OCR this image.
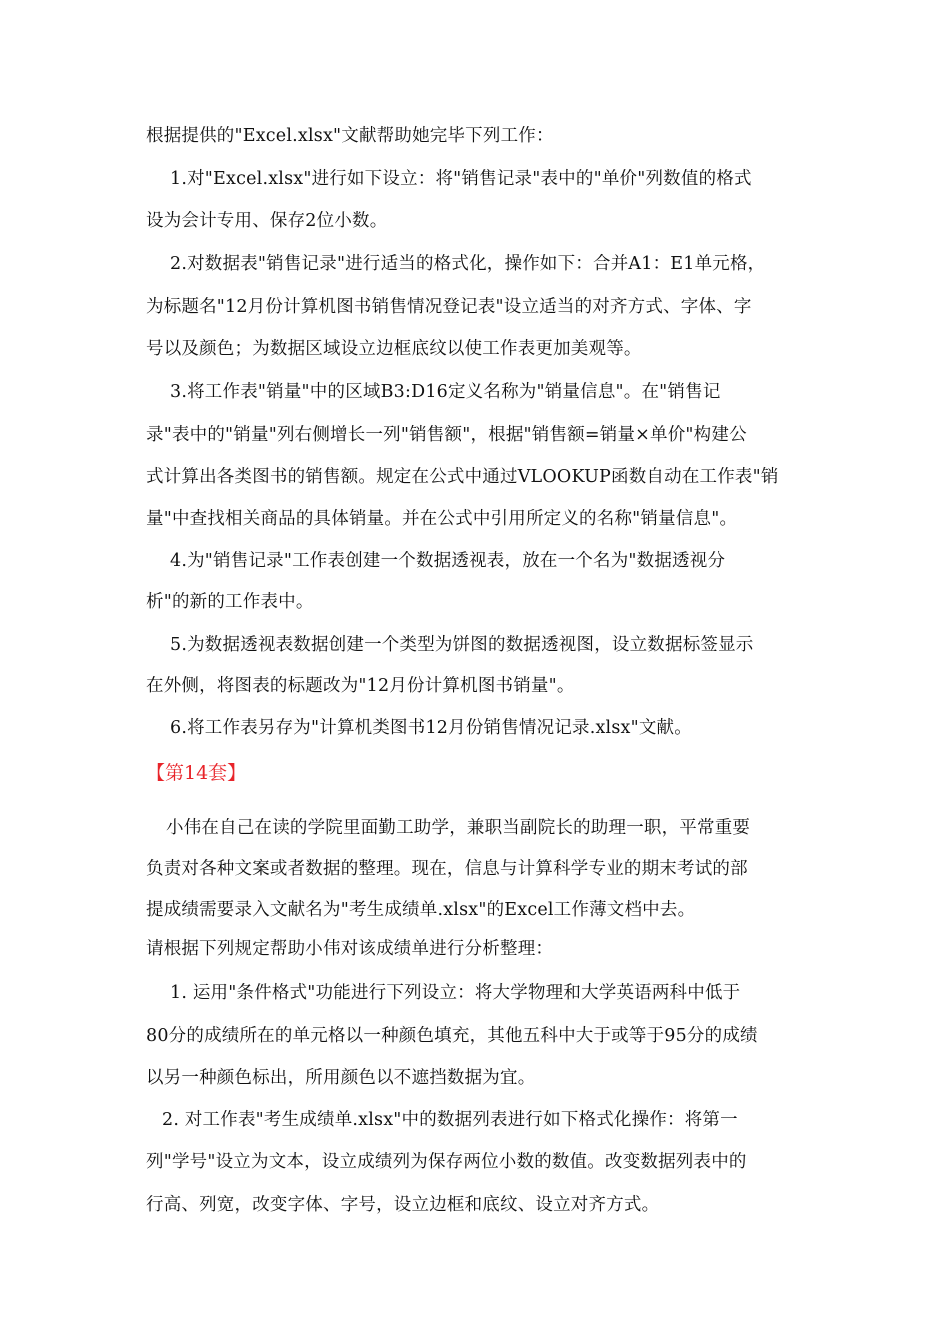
根据提供的"Excel.xlsx"文献帮助她完毕下列工作：
1.对"Excel.xlsx"进行如下设立：将"销售记录"表中的"单价"列数值的格式
设为会计专用、保存2位小数。
2.对数据表"销售记录"进行适当的格式化，操作如下：合并A1：E1单元格，
为标题名"12月份计算机图书销售情况登记表"设立适当的对齐方式、字体、字
号以及颜色；为数据区域设立边框底纹以使工作表更加美观等。
3.将工作表"销量"中的区域B3:D16定义名称为"销量信息"。在"销售记
录"表中的"销量"列右侧增长一列"销售额"，根据"销售额=销量×单价"构建公
式计算出各类图书的销售额。规定在公式中通过VLOOKUP函数自动在工作表"销
量"中查找相关商品的具体销量。并在公式中引用所定义的名称"销量信息"。
4.为"销售记录"工作表创建一个数据透视表，放在一个名为"数据透视分
析"的新的工作表中。
5.为数据透视表数据创建一个类型为饼图的数据透视图，设立数据标签显示
在外侧，将图表的标题改为"12月份计算机图书销量"。
6.将工作表另存为"计算机类图书12月份销售情况记录.xlsx"文献。
【第14套】
小伟在自己在读的学院里面勤工助学，兼职当副院长的助理一职，平常重要
负责对各种文案或者数据的整理。现在，信息与计算科学专业的期末考试的部
提成绩需要录入文献名为"考生成绩单.xlsx"的Excel工作薄文档中去。
请根据下列规定帮助小伟对该成绩单进行分析整理：
1. 运用"条件格式"功能进行下列设立：将大学物理和大学英语两科中低于
80分的成绩所在的单元格以一种颜色填充，其他五科中大于或等于95分的成绩
以另一种颜色标出，所用颜色以不遮挡数据为宜。
2. 对工作表"考生成绩单.xlsx"中的数据列表进行如下格式化操作：将第一
列"学号"设立为文本，设立成绩列为保存两位小数的数值。改变数据列表中的
行高、列宽，改变字体、字号，设立边框和底纹、设立对齐方式。
